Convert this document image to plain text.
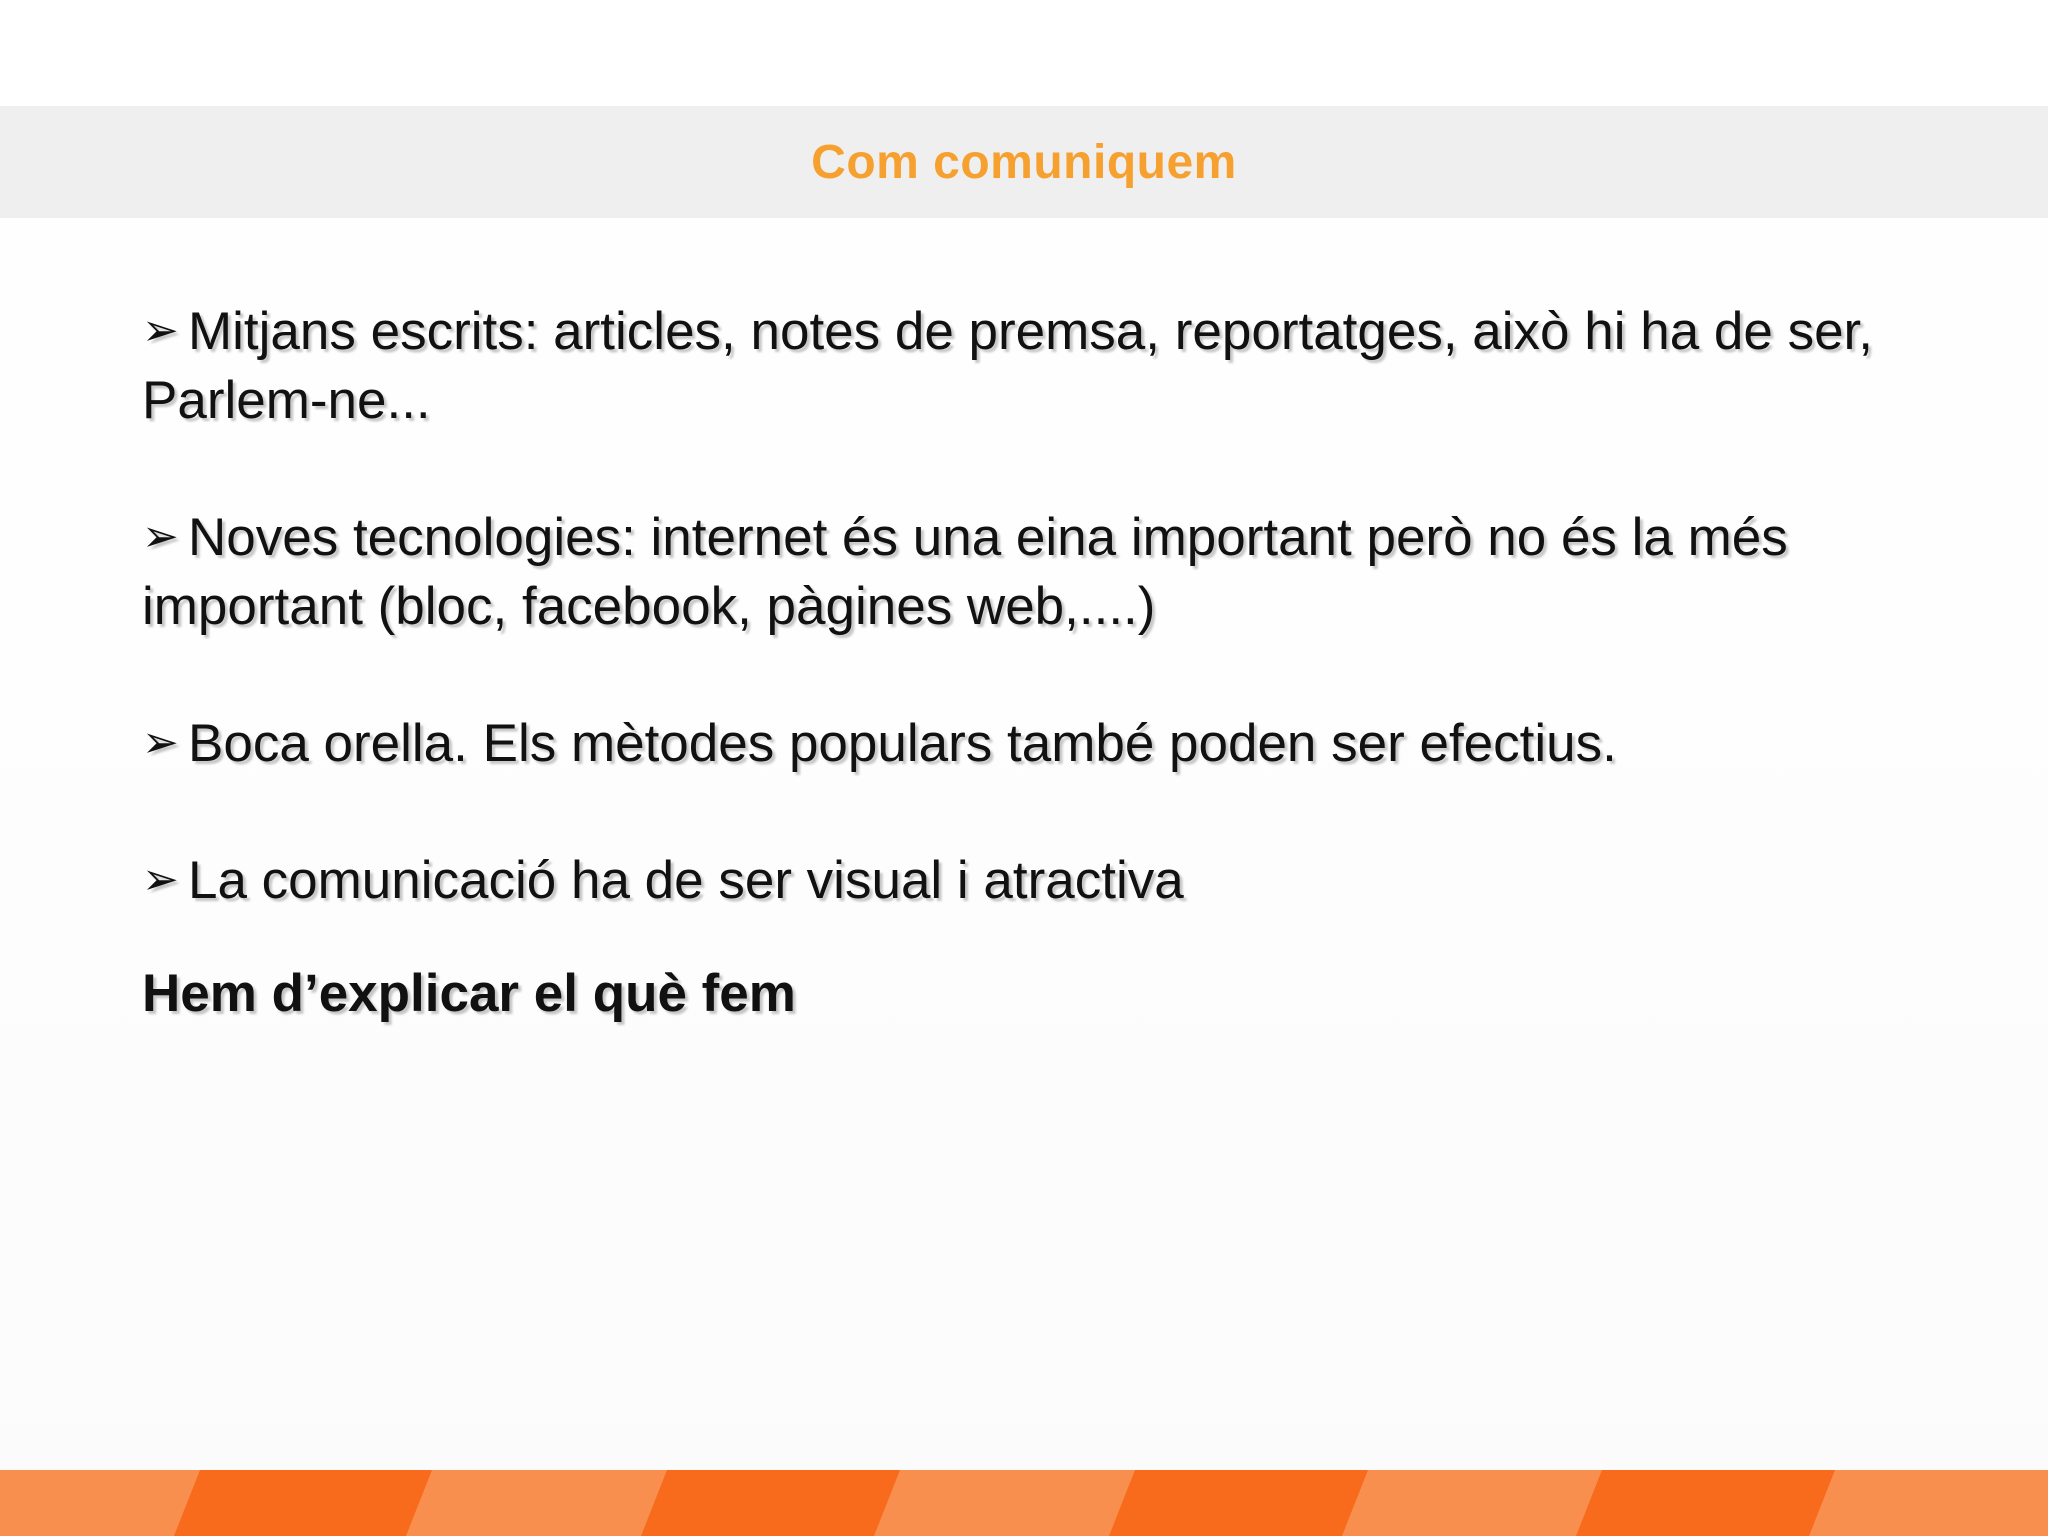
Com comuniquem

➢ Mitjans escrits: articles, notes de premsa, reportatges, això hi ha de ser, Parlem-ne...

➢ Noves tecnologies: internet és una eina important però no és la més important (bloc, facebook, pàgines web,....)

➢ Boca orella. Els mètodes populars també poden ser efectius.

➢ La comunicació ha de ser visual i atractiva

Hem d’explicar el què fem
